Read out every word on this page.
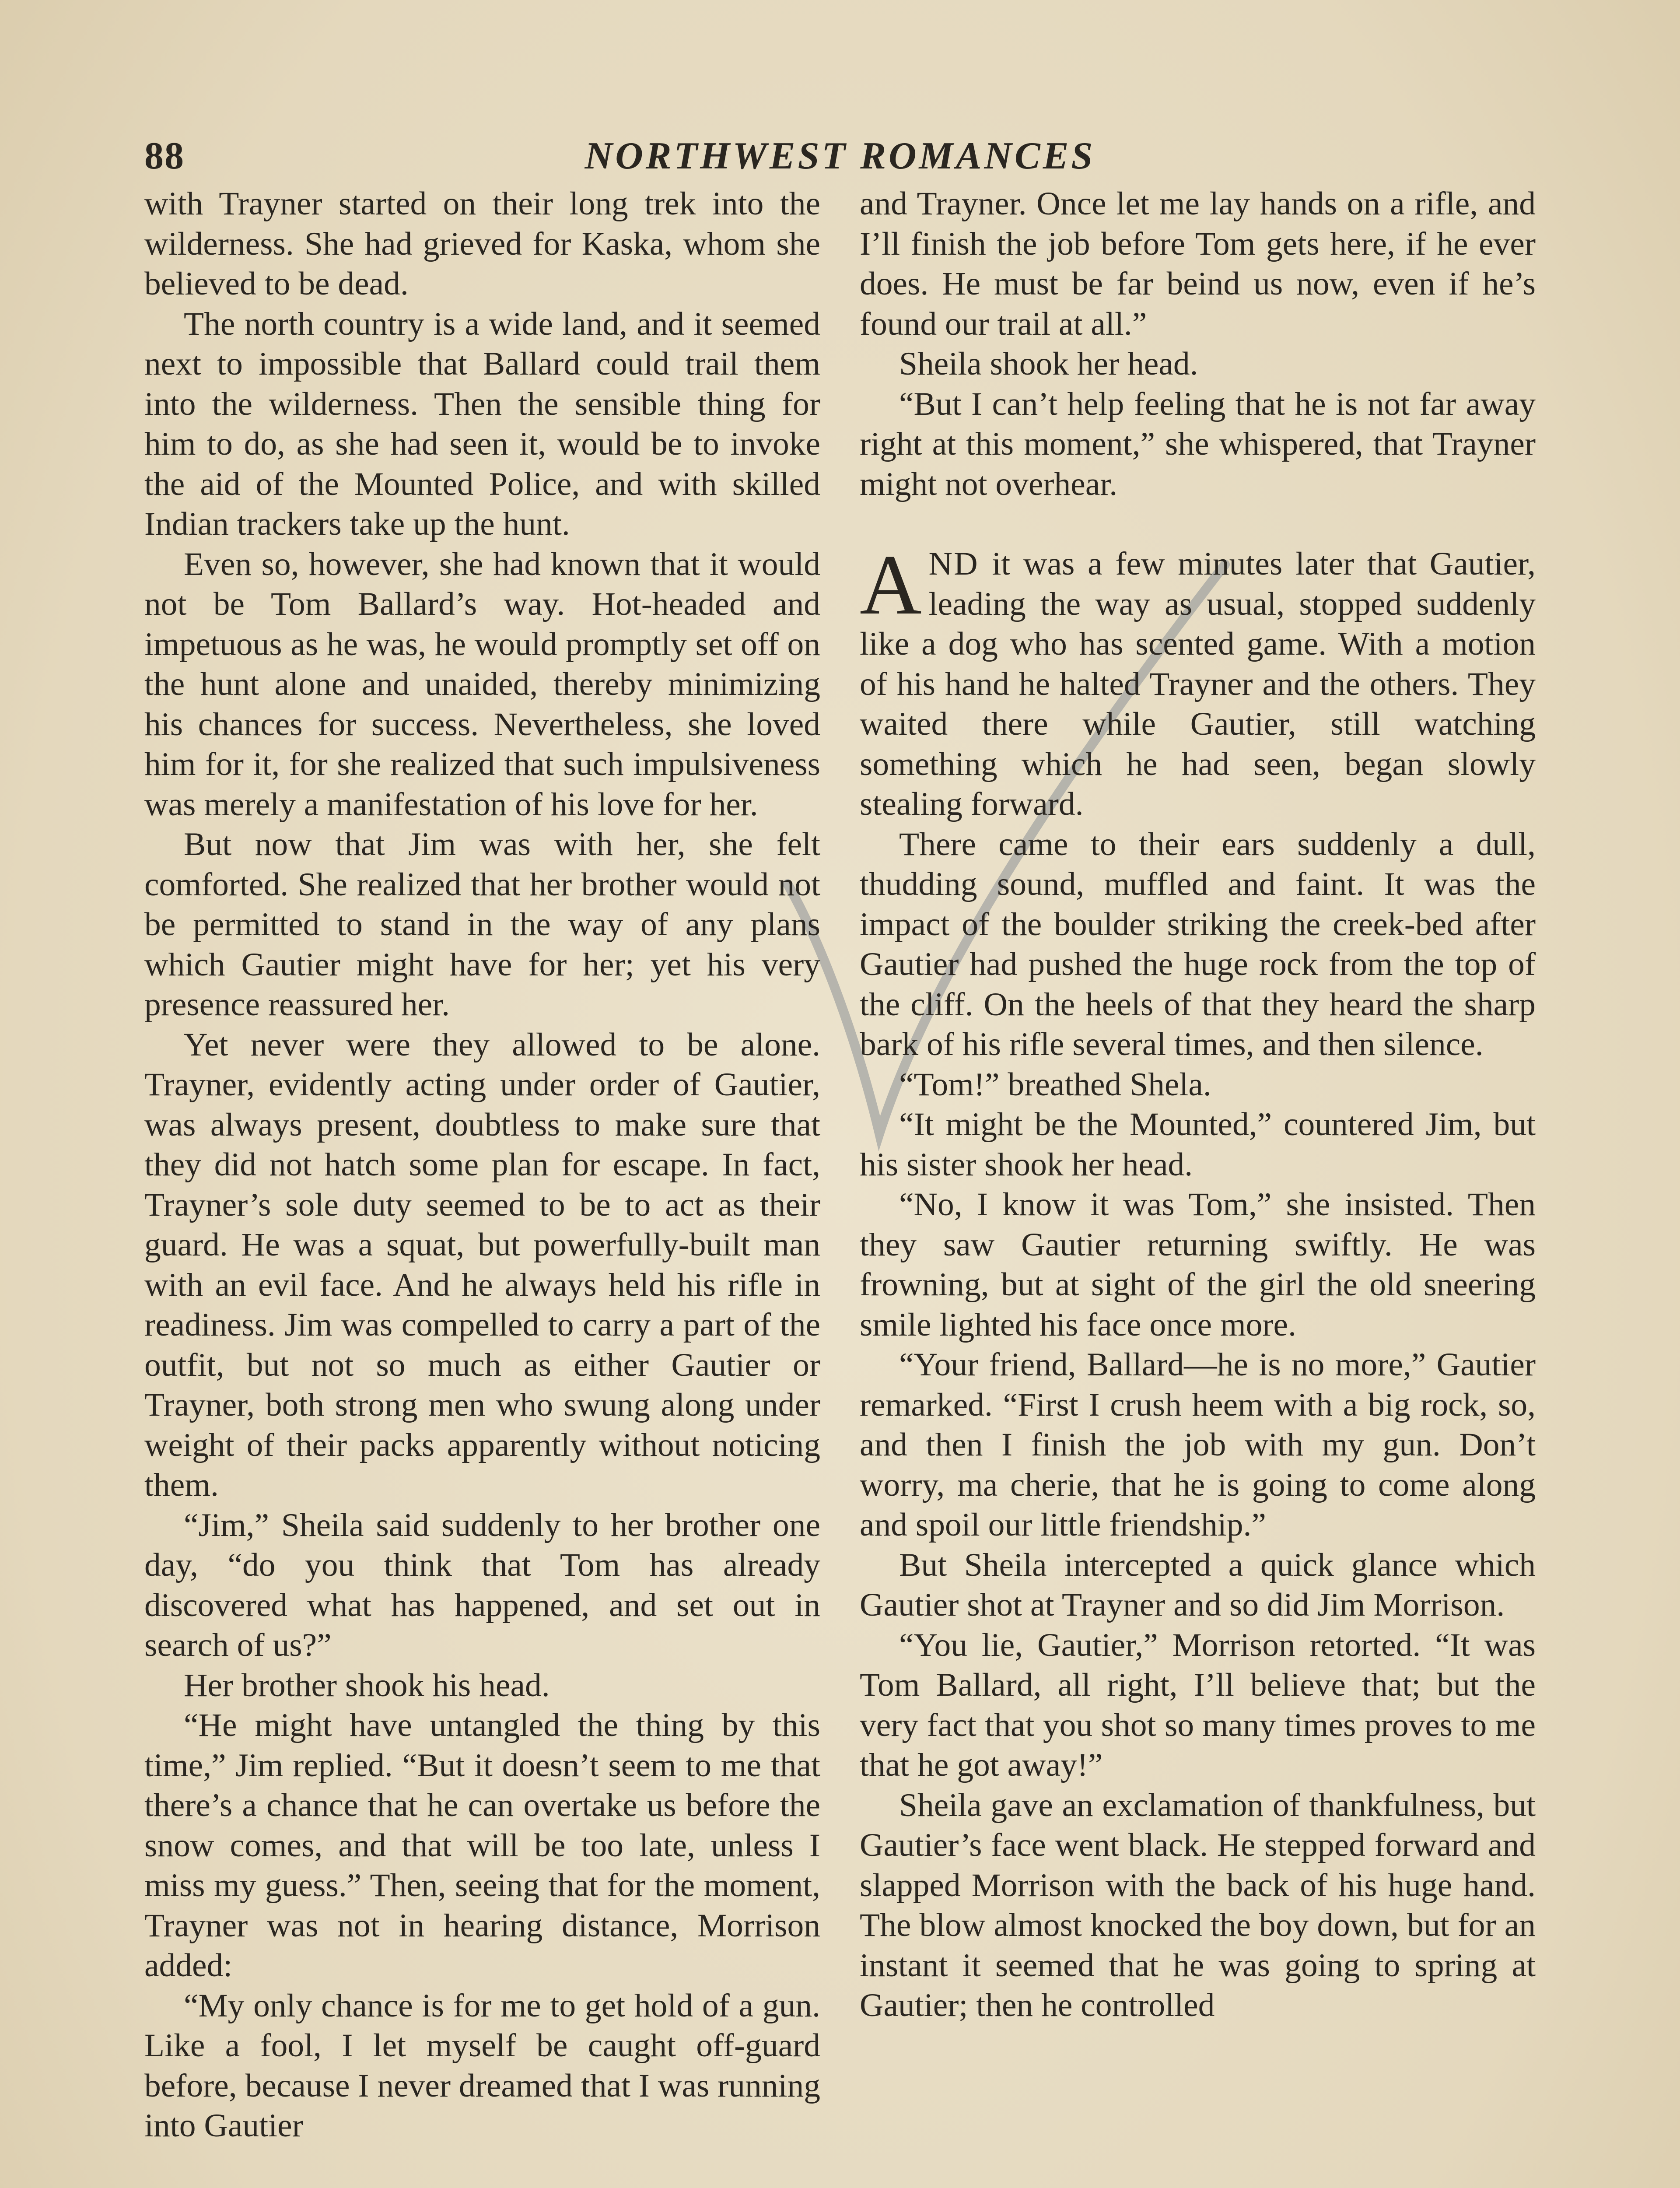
88	NORTHWEST ROMANCES

with Trayner started on their long trek into the wilderness. She had grieved for Kaska, whom she believed to be dead.

The north country is a wide land, and it seemed next to impossible that Ballard could trail them into the wilderness. Then the sensible thing for him to do, as she had seen it, would be to invoke the aid of the Mounted Police, and with skilled Indian trackers take up the hunt.

Even so, however, she had known that it would not be Tom Ballard’s way. Hot-headed and impetuous as he was, he would promptly set off on the hunt alone and unaided, thereby minimizing his chances for success. Nevertheless, she loved him for it, for she realized that such impulsiveness was merely a manifestation of his love for her.

But now that Jim was with her, she felt comforted. She realized that her brother would not be permitted to stand in the way of any plans which Gautier might have for her; yet his very presence reassured her.

Yet never were they allowed to be alone. Trayner, evidently acting under order of Gautier, was always present, doubtless to make sure that they did not hatch some plan for escape. In fact, Trayner’s sole duty seemed to be to act as their guard. He was a squat, but powerfully-built man with an evil face. And he always held his rifle in readiness. Jim was compelled to carry a part of the outfit, but not so much as either Gautier or Trayner, both strong men who swung along under weight of their packs apparently without noticing them.

“Jim,” Sheila said suddenly to her brother one day, “do you think that Tom has already discovered what has happened, and set out in search of us?”

Her brother shook his head.

“He might have untangled the thing by this time,” Jim replied. “But it doesn’t seem to me that there’s a chance that he can overtake us before the snow comes, and that will be too late, unless I miss my guess.” Then, seeing that for the moment, Trayner was not in hearing distance, Morrison added:

“My only chance is for me to get hold of a gun. Like a fool, I let myself be caught off-guard before, because I never dreamed that I was running into Gautier

and Trayner. Once let me lay hands on a rifle, and I’ll finish the job before Tom gets here, if he ever does. He must be far beind us now, even if he’s found our trail at all.”

Sheila shook her head.

“But I can’t help feeling that he is not far away right at this moment,” she whispered, that Trayner might not overhear.

AND it was a few minutes later that Gautier, leading the way as usual, stopped suddenly like a dog who has scented game. With a motion of his hand he halted Trayner and the others. They waited there while Gautier, still watching something which he had seen, began slowly stealing forward.

There came to their ears suddenly a dull, thudding sound, muffled and faint. It was the impact of the boulder striking the creek-bed after Gautier had pushed the huge rock from the top of the cliff. On the heels of that they heard the sharp bark of his rifle several times, and then silence.

“Tom!” breathed Shela.

“It might be the Mounted,” countered Jim, but his sister shook her head.

“No, I know it was Tom,” she insisted. Then they saw Gautier returning swiftly. He was frowning, but at sight of the girl the old sneering smile lighted his face once more.

“Your friend, Ballard—he is no more,” Gautier remarked. “First I crush heem with a big rock, so, and then I finish the job with my gun. Don’t worry, ma cherie, that he is going to come along and spoil our little friendship.”

But Sheila intercepted a quick glance which Gautier shot at Trayner and so did Jim Morrison.

“You lie, Gautier,” Morrison retorted. “It was Tom Ballard, all right, I’ll believe that; but the very fact that you shot so many times proves to me that he got away!”

Sheila gave an exclamation of thankfulness, but Gautier’s face went black. He stepped forward and slapped Morrison with the back of his huge hand. The blow almost knocked the boy down, but for an instant it seemed that he was going to spring at Gautier; then he controlled
